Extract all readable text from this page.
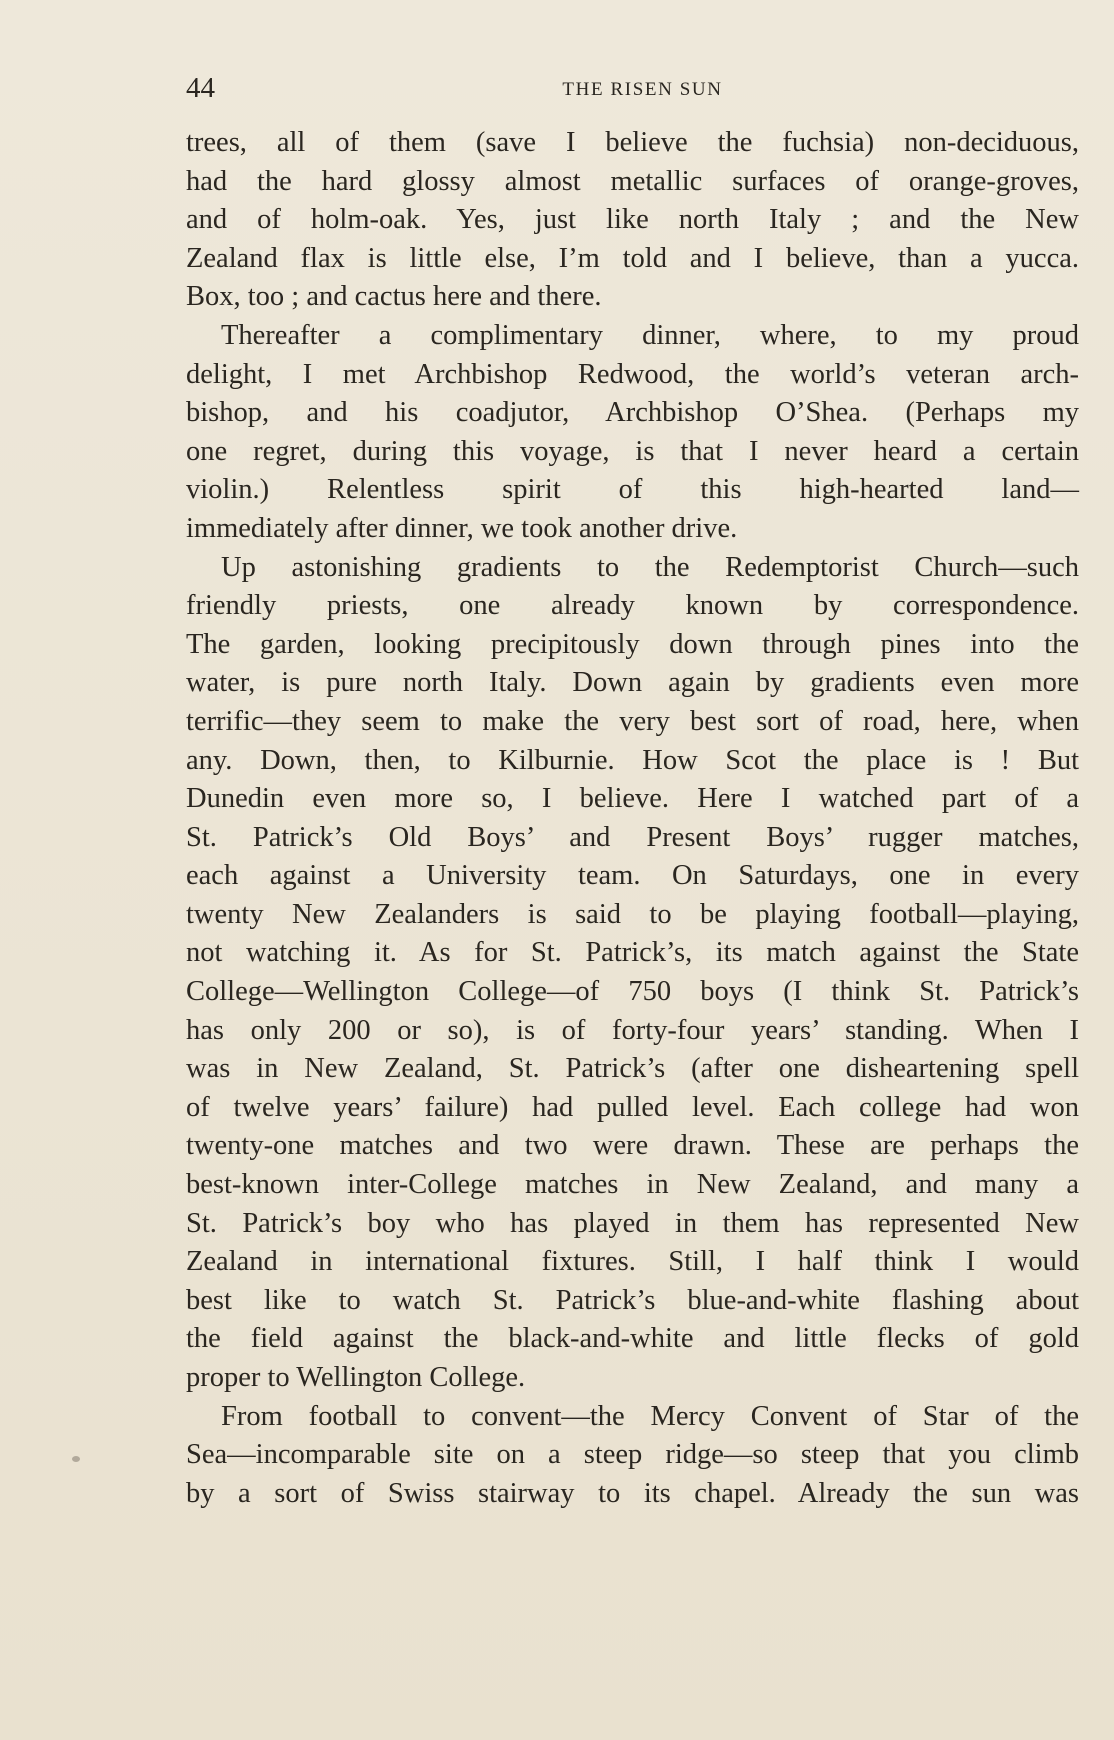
44	THE RISEN SUN
trees, all of them (save I believe the fuchsia) non-deciduous,
had the hard glossy almost metallic surfaces of orange-groves,
and of holm-oak. Yes, just like north Italy ; and the New
Zealand flax is little else, I’m told and I believe, than a yucca.
Box, too ; and cactus here and there.
Thereafter a complimentary dinner, where, to my proud
delight, I met Archbishop Redwood, the world’s veteran arch-
bishop, and his coadjutor, Archbishop O’Shea. (Perhaps my
one regret, during this voyage, is that I never heard a certain
violin.) Relentless spirit of this high-hearted land—
immediately after dinner, we took another drive.
Up astonishing gradients to the Redemptorist Church—such
friendly priests, one already known by correspondence.
The garden, looking precipitously down through pines into the
water, is pure north Italy. Down again by gradients even more
terrific—they seem to make the very best sort of road, here, when
any. Down, then, to Kilburnie. How Scot the place is ! But
Dunedin even more so, I believe. Here I watched part of a
St. Patrick’s Old Boys’ and Present Boys’ rugger matches,
each against a University team. On Saturdays, one in every
twenty New Zealanders is said to be playing football—playing,
not watching it. As for St. Patrick’s, its match against the State
College—Wellington College—of 750 boys (I think St. Patrick’s
has only 200 or so), is of forty-four years’ standing. When I
was in New Zealand, St. Patrick’s (after one disheartening spell
of twelve years’ failure) had pulled level. Each college had won
twenty-one matches and two were drawn. These are perhaps the
best-known inter-College matches in New Zealand, and many a
St. Patrick’s boy who has played in them has represented New
Zealand in international fixtures. Still, I half think I would
best like to watch St. Patrick’s blue-and-white flashing about
the field against the black-and-white and little flecks of gold
proper to Wellington College.
From football to convent—the Mercy Convent of Star of the
Sea—incomparable site on a steep ridge—so steep that you climb
by a sort of Swiss stairway to its chapel. Already the sun was
